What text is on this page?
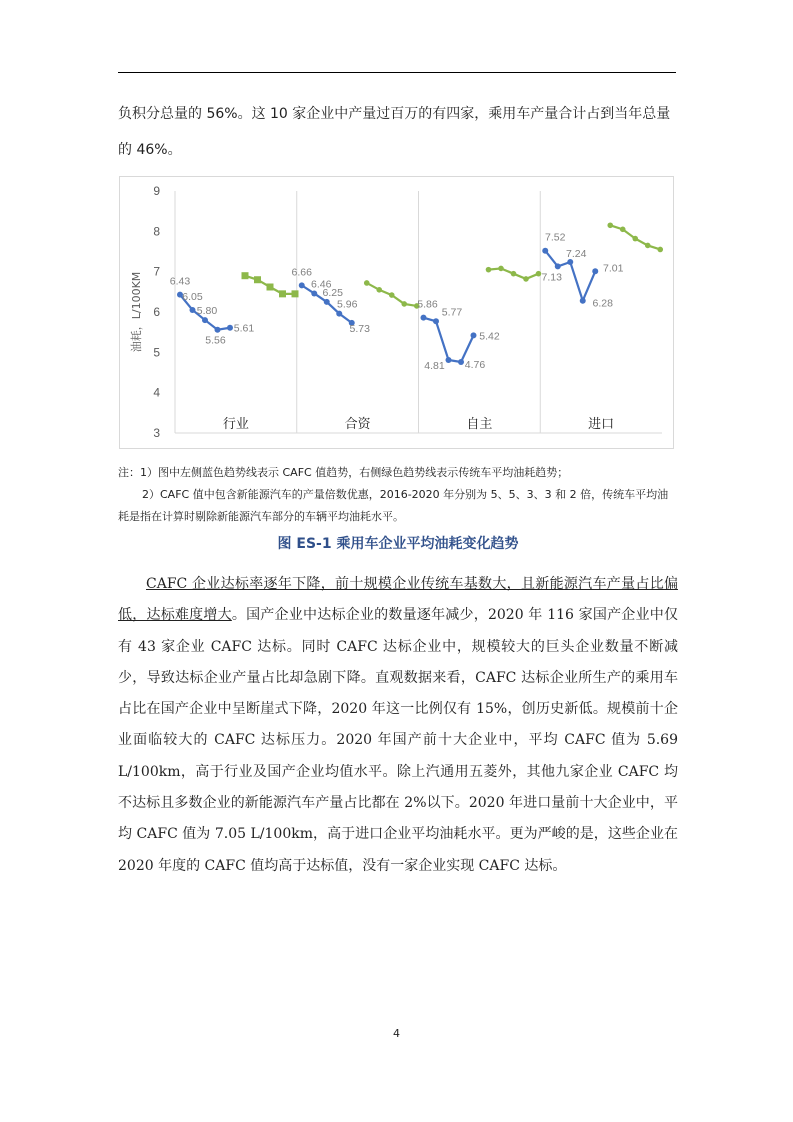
负积分总量的 56%。这 10 家企业中产量过百万的有四家，乘用车产量合计占到当年总量的 46%。

3
4
5
6
7
8
9
油耗，L/100KM
行业	合资	自主	进口
6.43
6.05
5.80
5.56
5.61
6.66
6.46
6.25
5.96
5.73
5.86
5.77
4.81 4.76
5.42
7.52
7.13
7.24
6.28
7.01

注：1）图中左侧蓝色趋势线表示 CAFC 值趋势，右侧绿色趋势线表示传统车平均油耗趋势；

2）CAFC 值中包含新能源汽车的产量倍数优惠，2016-2020 年分别为 5、5、3、3 和 2 倍，传统车平均油耗是指在计算时剔除新能源汽车部分的车辆平均油耗水平。

图 ES-1 乘用车企业平均油耗变化趋势

CAFC 企业达标率逐年下降，前十规模企业传统车基数大，且新能源汽车产量占比偏低，达标难度增大。国产企业中达标企业的数量逐年减少，2020 年 116 家国产企业中仅有 43 家企业 CAFC 达标。同时 CAFC 达标企业中，规模较大的巨头企业数量不断减少，导致达标企业产量占比却急剧下降。直观数据来看，CAFC 达标企业所生产的乘用车占比在国产企业中呈断崖式下降，2020 年这一比例仅有 15%，创历史新低。规模前十企业面临较大的 CAFC 达标压力。2020 年国产前十大企业中，平均 CAFC 值为 5.69 L/100km，高于行业及国产企业均值水平。除上汽通用五菱外，其他九家企业 CAFC 均不达标且多数企业的新能源汽车产量占比都在 2%以下。2020 年进口量前十大企业中，平均 CAFC 值为 7.05 L/100km，高于进口企业平均油耗水平。更为严峻的是，这些企业在 2020 年度的 CAFC 值均高于达标值，没有一家企业实现 CAFC 达标。

4
